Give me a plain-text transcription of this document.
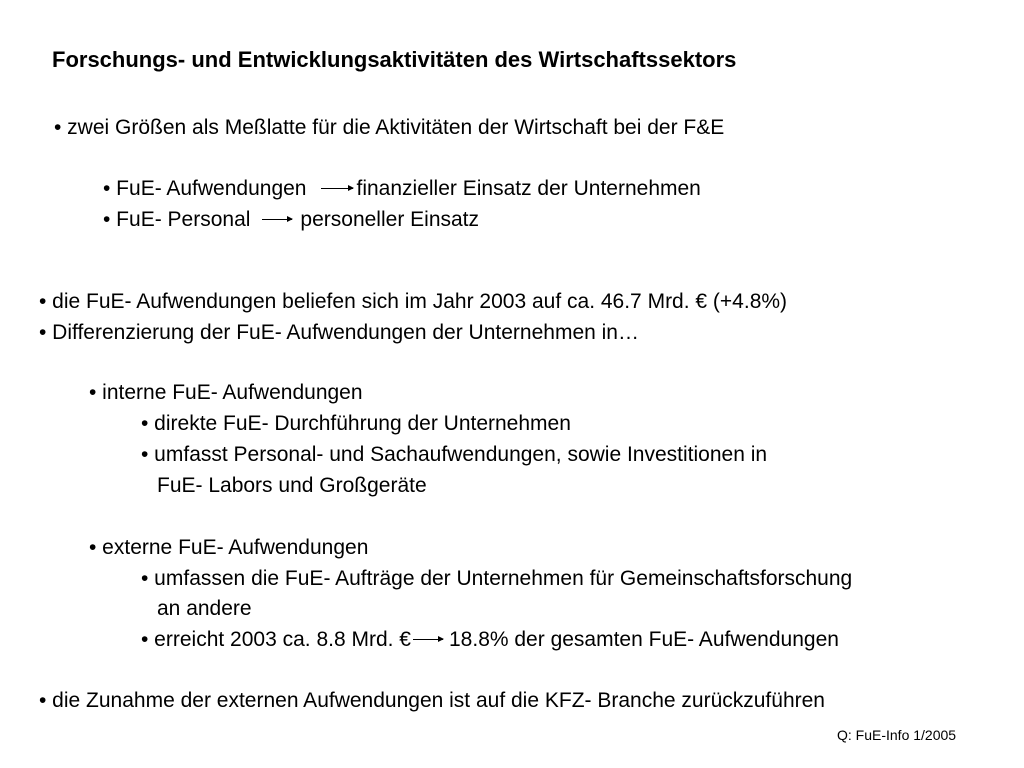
Forschungs- und Entwicklungsaktivitäten des Wirtschaftssektors
• zwei Größen als Meßlatte für die Aktivitäten der Wirtschaft bei der F&E
• FuE- Aufwendungen finanzieller Einsatz der Unternehmen
• FuE- Personal personeller Einsatz
• die FuE- Aufwendungen beliefen sich im Jahr 2003 auf ca. 46.7 Mrd. € (+4.8%)
• Differenzierung der FuE- Aufwendungen der Unternehmen in…
• interne FuE- Aufwendungen
• direkte FuE- Durchführung der Unternehmen
• umfasst Personal- und Sachaufwendungen, sowie Investitionen in
FuE- Labors und Großgeräte
• externe FuE- Aufwendungen
• umfassen die FuE- Aufträge der Unternehmen für Gemeinschaftsforschung
an andere
• erreicht 2003 ca. 8.8 Mrd. € 18.8% der gesamten FuE- Aufwendungen
• die Zunahme der externen Aufwendungen ist auf die KFZ- Branche zurückzuführen
Q: FuE-Info 1/2005
